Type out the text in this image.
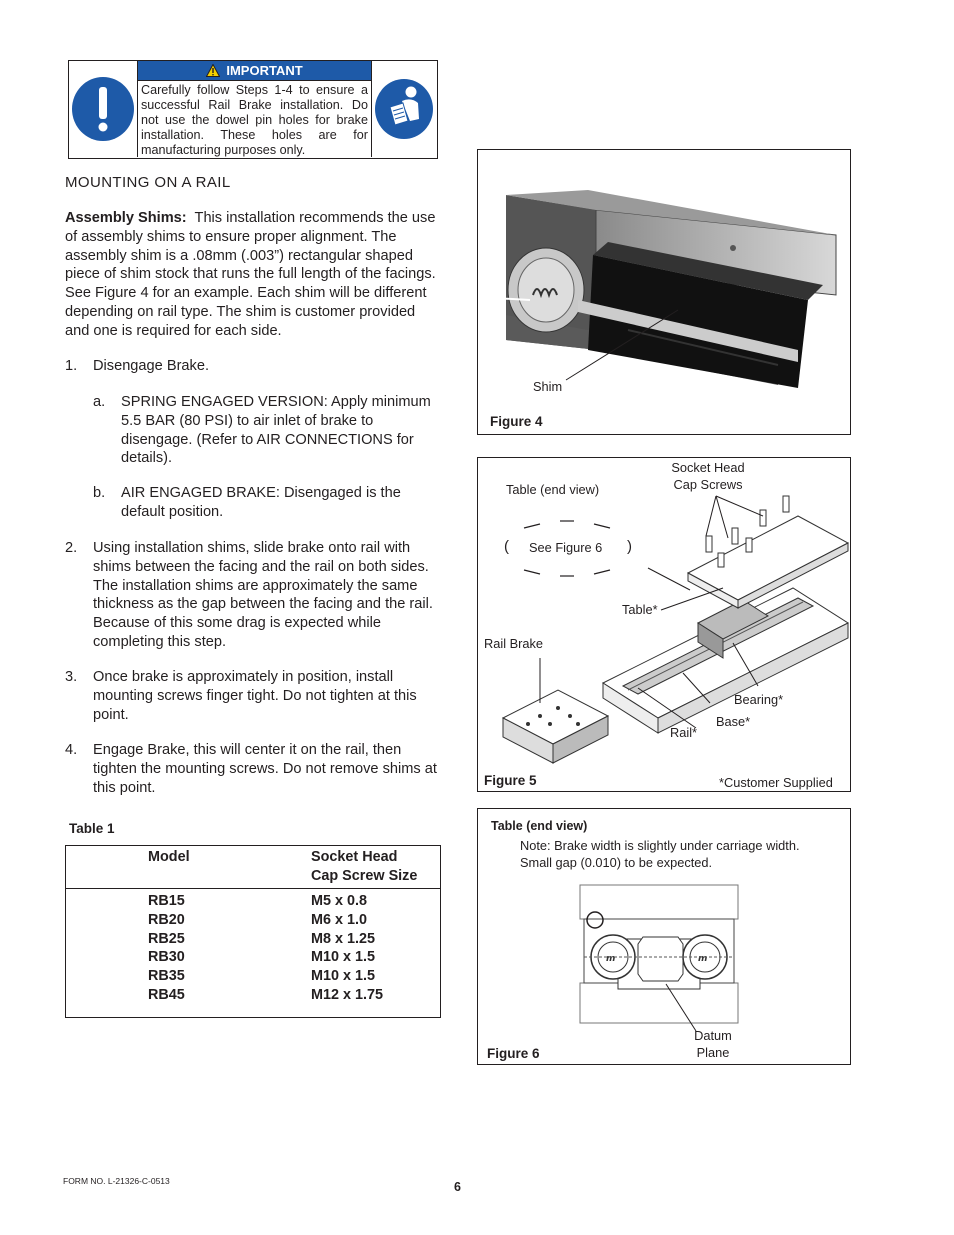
IMPORTANT
Carefully follow Steps 1-4 to ensure a successful Rail Brake installation. Do not use the dowel pin holes for brake installation. These holes are for manufacturing purposes only.
MOUNTING ON A RAIL
Assembly Shims: This installation recommends the use of assembly shims to ensure proper alignment. The assembly shim is a .08mm (.003”) rectangular shaped piece of shim stock that runs the full length of the facings. See Figure 4 for an example. Each shim will be different depending on rail type. The shim is customer provided and one is required for each side.
1. Disengage Brake.
a. SPRING ENGAGED VERSION: Apply minimum 5.5 BAR (80 PSI) to air inlet of brake to disengage. (Refer to AIR CONNECTIONS for details).
b. AIR ENGAGED BRAKE: Disengaged is the default position.
2. Using installation shims, slide brake onto rail with shims between the facing and the rail on both sides. The installation shims are approximately the same thickness as the gap between the facing and the rail. Because of this some drag is expected while completing this step.
3. Once brake is approximately in position, install mounting screws finger tight. Do not tighten at this point.
4. Engage Brake, this will center it on the rail, then tighten the mounting screws. Do not remove shims at this point.
Table 1
Model	Socket Head
Cap Screw Size
RB15	M5 x 0.8
RB20	M6 x 1.0
RB25	M8 x 1.25
RB30	M10 x 1.5
RB35	M10 x 1.5
RB45	M12 x 1.75
Shim
Figure 4
Socket Head
Cap Screws
Table (end view)
( See Figure 6 )
Table*
Rail Brake
Bearing*
Base*
Rail*
Figure 5	*Customer Supplied
Table (end view)
Note: Brake width is slightly under carriage width.
Small gap (0.010) to be expected.
m	m
Datum
Plane
Figure 6
FORM NO. L-21326-C-0513	6
